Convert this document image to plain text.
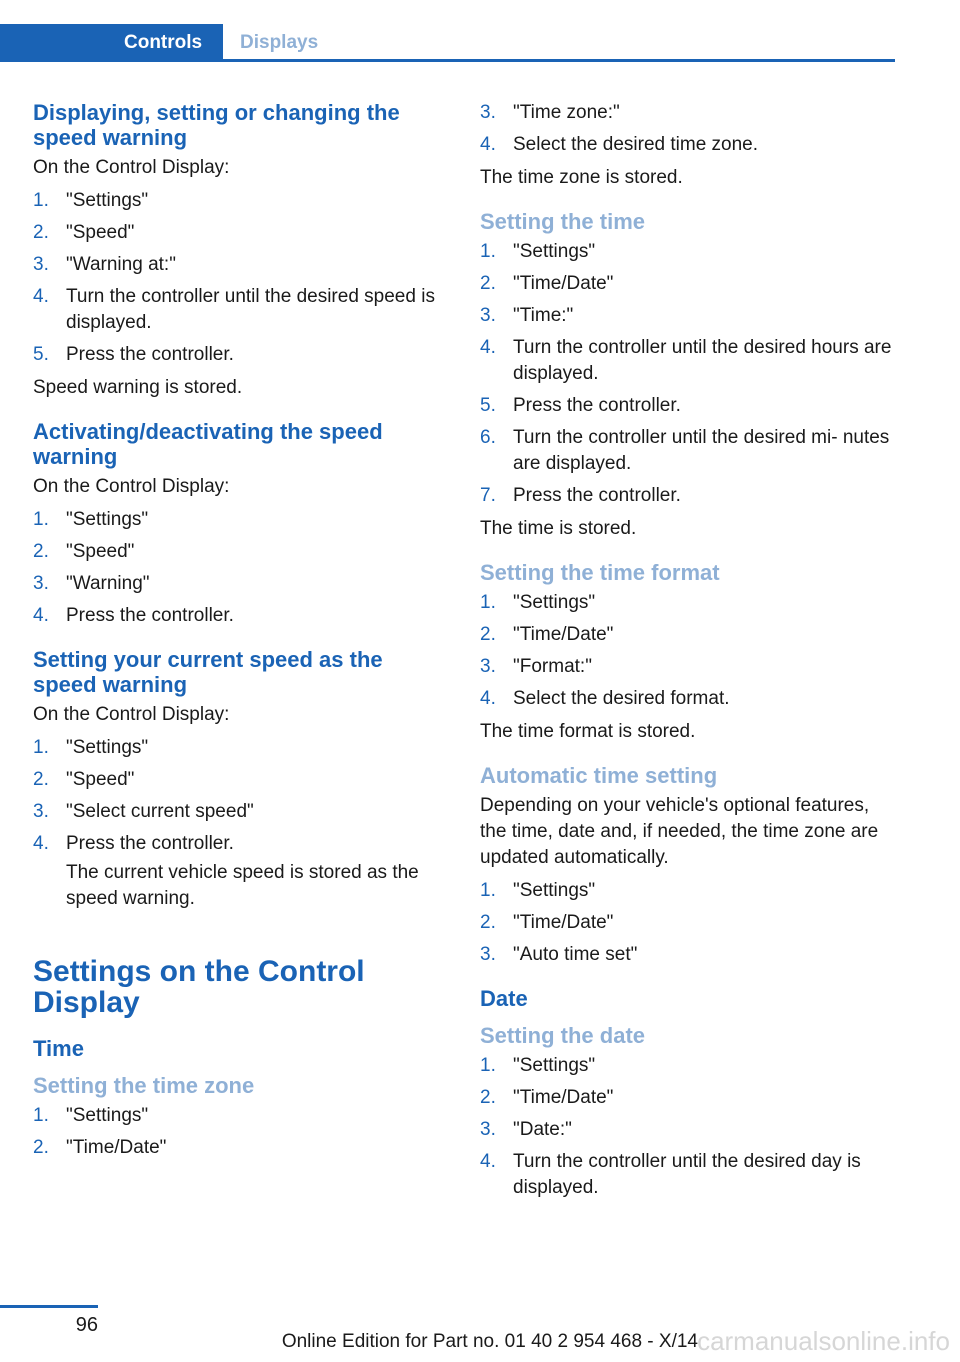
Controls	Displays
Displaying, setting or changing the speed warning

On the Control Display:

1. "Settings"
2. "Speed"
3. "Warning at:"
4. Turn the controller until the desired speed is displayed.
5. Press the controller.

Speed warning is stored.

Activating/deactivating the speed warning

On the Control Display:

1. "Settings"
2. "Speed"
3. "Warning"
4. Press the controller.
Setting your current speed as the speed warning

On the Control Display:

1. "Settings"
2. "Speed"
3. "Select current speed"
4. Press the controller.
The current vehicle speed is stored as the speed warning.
Settings on the Control Display
Time
Setting the time zone
1. "Settings"
2. "Time/Date"
3. "Time zone:"
4. Select the desired time zone.

The time zone is stored.

Setting the time
1. "Settings"
2. "Time/Date"
3. "Time:"
4. Turn the controller until the desired hours are displayed.
5. Press the controller.
6. Turn the controller until the desired mi‐ nutes are displayed.
7. Press the controller.

The time is stored.

Setting the time format
1. "Settings"
2. "Time/Date"
3. "Format:"
4. Select the desired format.

The time format is stored.

Automatic time setting

Depending on your vehicle's optional features, the time, date and, if needed, the time zone are updated automatically.

1. "Settings"
2. "Time/Date"
3. "Auto time set"
Date
Setting the date
1. "Settings"
2. "Time/Date"
3. "Date:"
4. Turn the controller until the desired day is displayed.
96
Online Edition for Part no. 01 40 2 954 468 - X/14 carmanualsonline.info
